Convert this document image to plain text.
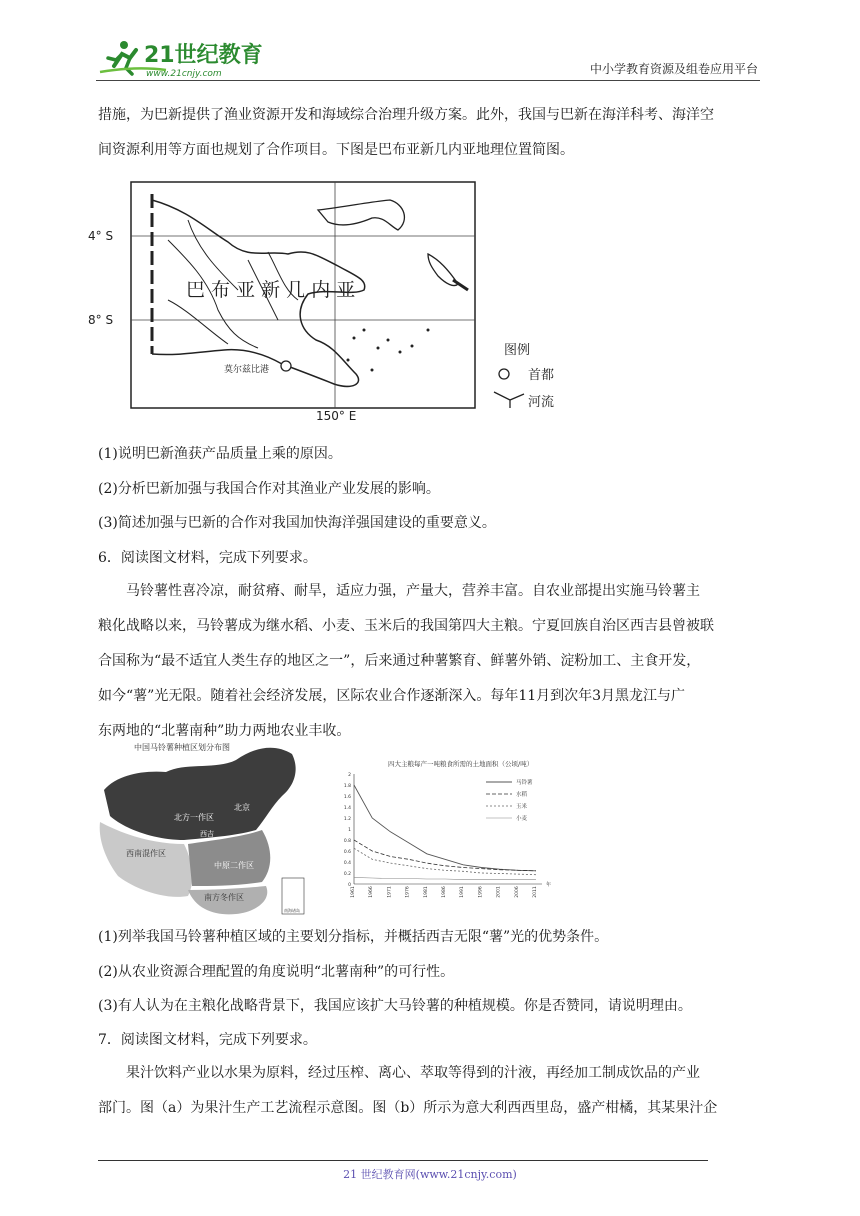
21世纪教育
www.21cnjy.com	中小学教育资源及组卷应用平台
措施，为巴新提供了渔业资源开发和海域综合治理升级方案。此外，我国与巴新在海洋科考、海洋空
间资源利用等方面也规划了合作项目。下图是巴布亚新几内亚地理位置简图。
莫尔兹比港
巴 布 亚 新 几 内 亚
4° S
8° S
150° E
图例
首都
河流
(1)说明巴新渔获产品质量上乘的原因。
(2)分析巴新加强与我国合作对其渔业产业发展的影响。
(3)简述加强与巴新的合作对我国加快海洋强国建设的重要意义。
6．阅读图文材料，完成下列要求。
马铃薯性喜冷凉，耐贫瘠、耐旱，适应力强，产量大，营养丰富。自农业部提出实施马铃薯主
粮化战略以来，马铃薯成为继水稻、小麦、玉米后的我国第四大主粮。宁夏回族自治区西吉县曾被联
合国称为“最不适宜人类生存的地区之一”，后来通过种薯繁育、鲜薯外销、淀粉加工、主食开发，
如今“薯”光无限。随着社会经济发展，区际农业合作逐渐深入。每年11月到次年3月黑龙江与广
东两地的“北薯南种”助力两地农业丰收。
中国马铃薯种植区划分布图
北方一作区
北京
西吉
西南混作区
中原二作区
南方冬作区
南海诸岛
四大主粮每产一吨粮食所需的土地面积（公顷/吨）
0
0.2
0.4
0.6
0.8
1
1.2
1.4
1.6
1.8
2
1961	1966	1971	1976	1981	1986	1991	1996	2001	2006	2011
年
马铃薯
水稻
玉米
小麦
(1)列举我国马铃薯种植区域的主要划分指标，并概括西吉无限“薯”光的优势条件。
(2)从农业资源合理配置的角度说明“北薯南种”的可行性。
(3)有人认为在主粮化战略背景下，我国应该扩大马铃薯的种植规模。你是否赞同，请说明理由。
7．阅读图文材料，完成下列要求。
果汁饮料产业以水果为原料，经过压榨、离心、萃取等得到的汁液，再经加工制成饮品的产业
部门。图（a）为果汁生产工艺流程示意图。图（b）所示为意大利西西里岛，盛产柑橘，其某果汁企
21 世纪教育网(www.21cnjy.com)
